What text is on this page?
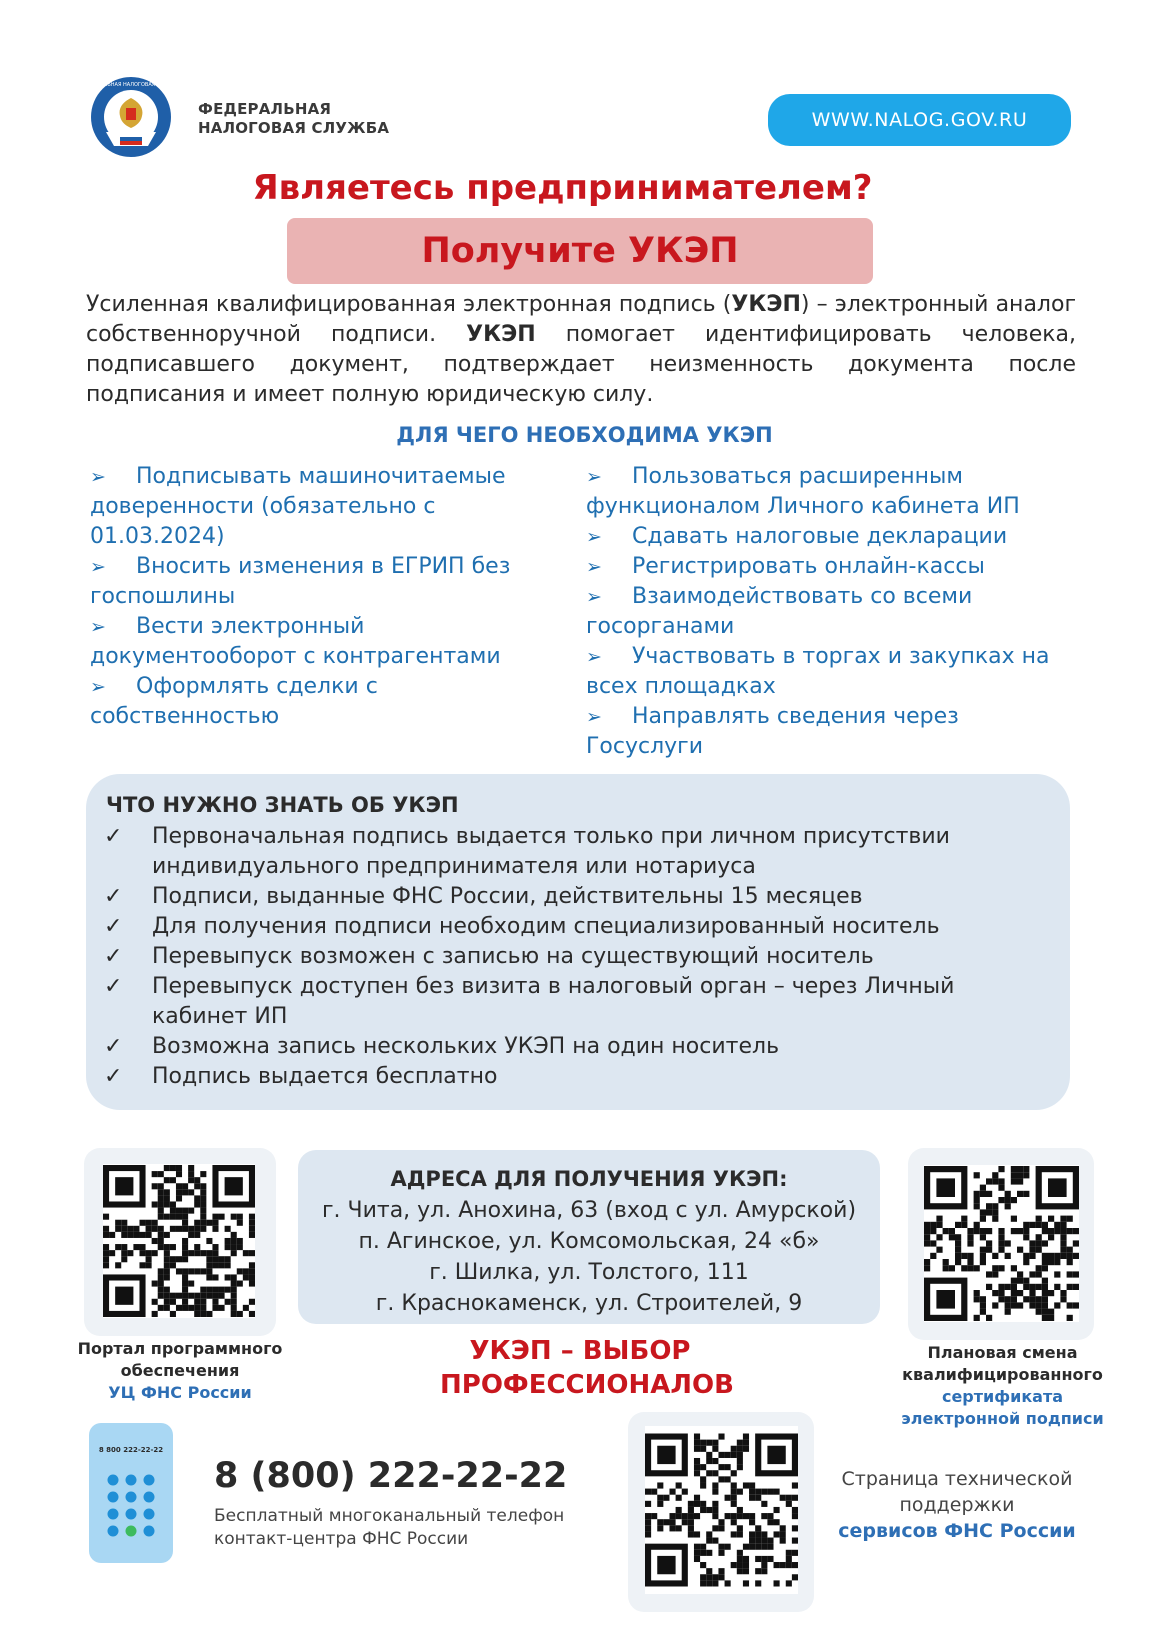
ФЕДЕРАЛЬНАЯ НАЛОГОВАЯ СЛУЖБА
ФЕДЕРАЛЬНАЯ
НАЛОГОВАЯ СЛУЖБА	WWW.NALOG.GOV.RU
Являетесь предпринимателем?
Получите УКЭП
Усиленная квалифицированная электронная подпись (УКЭП) – электронный аналог собственноручной подписи. УКЭП помогает идентифицировать человека, подписавшего документ, подтверждает неизменность документа после подписания и имеет полную юридическую силу.
ДЛЯ ЧЕГО НЕОБХОДИМА УКЭП
➢ Подписывать машиночитаемые доверенности (обязательно с 01.03.2024)
➢ Вносить изменения в ЕГРИП без госпошлины
➢ Вести электронный документооборот с контрагентами
➢ Оформлять сделки с собственностью
➢ Пользоваться расширенным функционалом Личного кабинета ИП
➢ Сдавать налоговые декларации
➢ Регистрировать онлайн-кассы
➢ Взаимодействовать со всеми госорганами
➢ Участвовать в торгах и закупках на всех площадках
➢ Направлять сведения через Госуслуги
ЧТО НУЖНО ЗНАТЬ ОБ УКЭП
✓	Первоначальная подпись выдается только при личном присутствии индивидуального предпринимателя или нотариуса
✓	Подписи, выданные ФНС России, действительны 15 месяцев
✓	Для получения подписи необходим специализированный носитель
✓	Перевыпуск возможен с записью на существующий носитель
✓	Перевыпуск доступен без визита в налоговый орган – через Личный кабинет ИП
✓	Возможна запись нескольких УКЭП на один носитель
✓	Подпись выдается бесплатно
АДРЕСА ДЛЯ ПОЛУЧЕНИЯ УКЭП:
г. Чита, ул. Анохина, 63 (вход с ул. Амурской)
п. Агинское, ул. Комсомольская, 24 «б»
г. Шилка, ул. Толстого, 111
г. Краснокаменск, ул. Строителей, 9
Портал программного обеспечения
УЦ ФНС России
Плановая смена квалифицированного
сертификата электронной подписи
УКЭП – ВЫБОР ПРОФЕССИОНАЛОВ
8 800 222-22-22
8 (800) 222-22-22
Бесплатный многоканальный телефон
контакт-центра ФНС России
Страница технической поддержки
сервисов ФНС России
